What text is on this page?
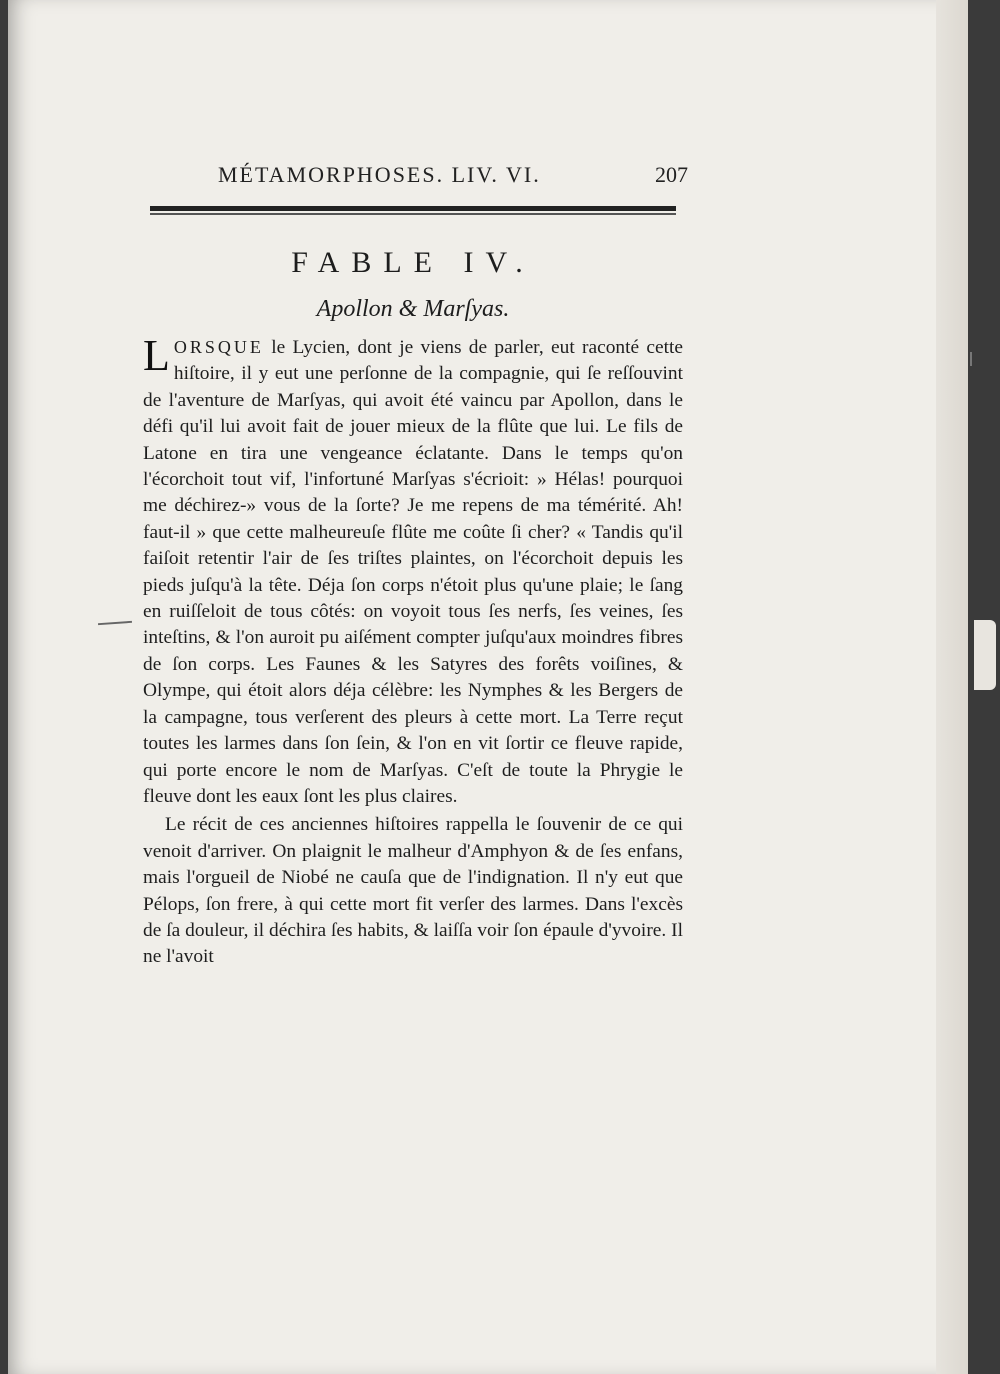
MÉTAMORPHOSES. LIV. VI.	207
FABLE IV.
Apollon & Marſyas.

LORSQUE le Lycien, dont je viens de parler, eut raconté cette hiſtoire, il y eut une perſonne de la compagnie, qui ſe reſſouvint de l'aventure de Marſyas, qui avoit été vaincu par Apollon, dans le défi qu'il lui avoit fait de jouer mieux de la flûte que lui. Le fils de Latone en tira une vengeance éclatante. Dans le temps qu'on l'écorchoit tout vif, l'infortuné Marſyas s'écrioit: » Hélas! pourquoi me déchirez-» vous de la ſorte? Je me repens de ma témérité. Ah! faut-il » que cette malheureuſe flûte me coûte ſi cher? « Tandis qu'il faiſoit retentir l'air de ſes triſtes plaintes, on l'écorchoit depuis les pieds juſqu'à la tête. Déja ſon corps n'étoit plus qu'une plaie; le ſang en ruiſſeloit de tous côtés: on voyoit tous ſes nerfs, ſes veines, ſes inteſtins, & l'on auroit pu aiſément compter juſqu'aux moindres fibres de ſon corps. Les Faunes & les Satyres des forêts voiſines, & Olympe, qui étoit alors déja célèbre: les Nymphes & les Bergers de la campagne, tous verſerent des pleurs à cette mort. La Terre reçut toutes les larmes dans ſon ſein, & l'on en vit ſortir ce fleuve rapide, qui porte encore le nom de Marſyas. C'eſt de toute la Phrygie le fleuve dont les eaux ſont les plus claires.

Le récit de ces anciennes hiſtoires rappella le ſouvenir de ce qui venoit d'arriver. On plaignit le malheur d'Amphyon & de ſes enfans, mais l'orgueil de Niobé ne cauſa que de l'indignation. Il n'y eut que Pélops, ſon frere, à qui cette mort fit verſer des larmes. Dans l'excès de ſa douleur, il déchira ſes habits, & laiſſa voir ſon épaule d'yvoire. Il ne l'avoit
